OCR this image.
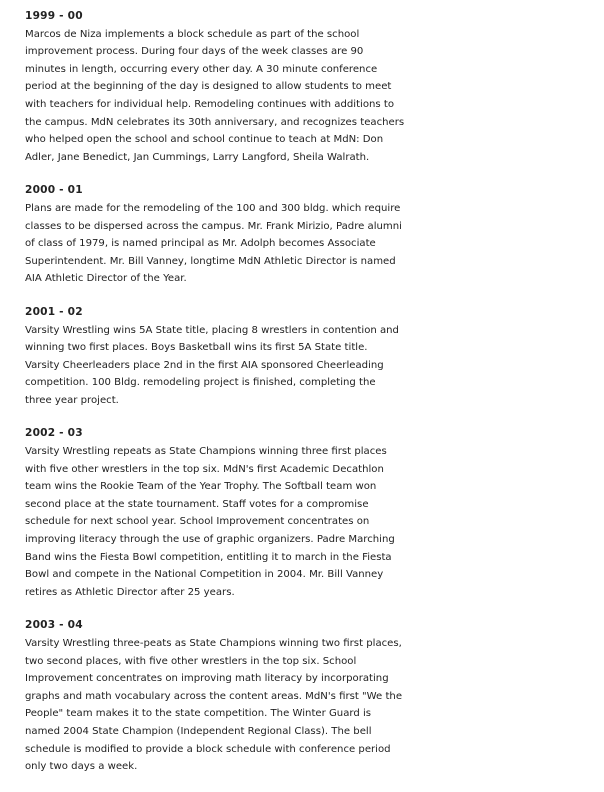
1999 - 00

Marcos de Niza implements a block schedule as part of the school
improvement process. During four days of the week classes are 90
minutes in length, occurring every other day. A 30 minute conference
period at the beginning of the day is designed to allow students to meet
with teachers for individual help. Remodeling continues with additions to
the campus. MdN celebrates its 30th anniversary, and recognizes teachers
who helped open the school and school continue to teach at MdN: Don
Adler, Jane Benedict, Jan Cummings, Larry Langford, Sheila Walrath.

2000 - 01

Plans are made for the remodeling of the 100 and 300 bldg. which require
classes to be dispersed across the campus. Mr. Frank Mirizio, Padre alumni
of class of 1979, is named principal as Mr. Adolph becomes Associate
Superintendent. Mr. Bill Vanney, longtime MdN Athletic Director is named
AIA Athletic Director of the Year.

2001 - 02

Varsity Wrestling wins 5A State title, placing 8 wrestlers in contention and
winning two first places. Boys Basketball wins its first 5A State title.
Varsity Cheerleaders place 2nd in the first AIA sponsored Cheerleading
competition. 100 Bldg. remodeling project is finished, completing the
three year project.

2002 - 03

Varsity Wrestling repeats as State Champions winning three first places
with five other wrestlers in the top six. MdN's first Academic Decathlon
team wins the Rookie Team of the Year Trophy. The Softball team won
second place at the state tournament. Staff votes for a compromise
schedule for next school year. School Improvement concentrates on
improving literacy through the use of graphic organizers. Padre Marching
Band wins the Fiesta Bowl competition, entitling it to march in the Fiesta
Bowl and compete in the National Competition in 2004. Mr. Bill Vanney
retires as Athletic Director after 25 years.

2003 - 04

Varsity Wrestling three-peats as State Champions winning two first places,
two second places, with five other wrestlers in the top six. School
Improvement concentrates on improving math literacy by incorporating
graphs and math vocabulary across the content areas. MdN's first "We the
People" team makes it to the state competition. The Winter Guard is
named 2004 State Champion (Independent Regional Class). The bell
schedule is modified to provide a block schedule with conference period
only two days a week.
